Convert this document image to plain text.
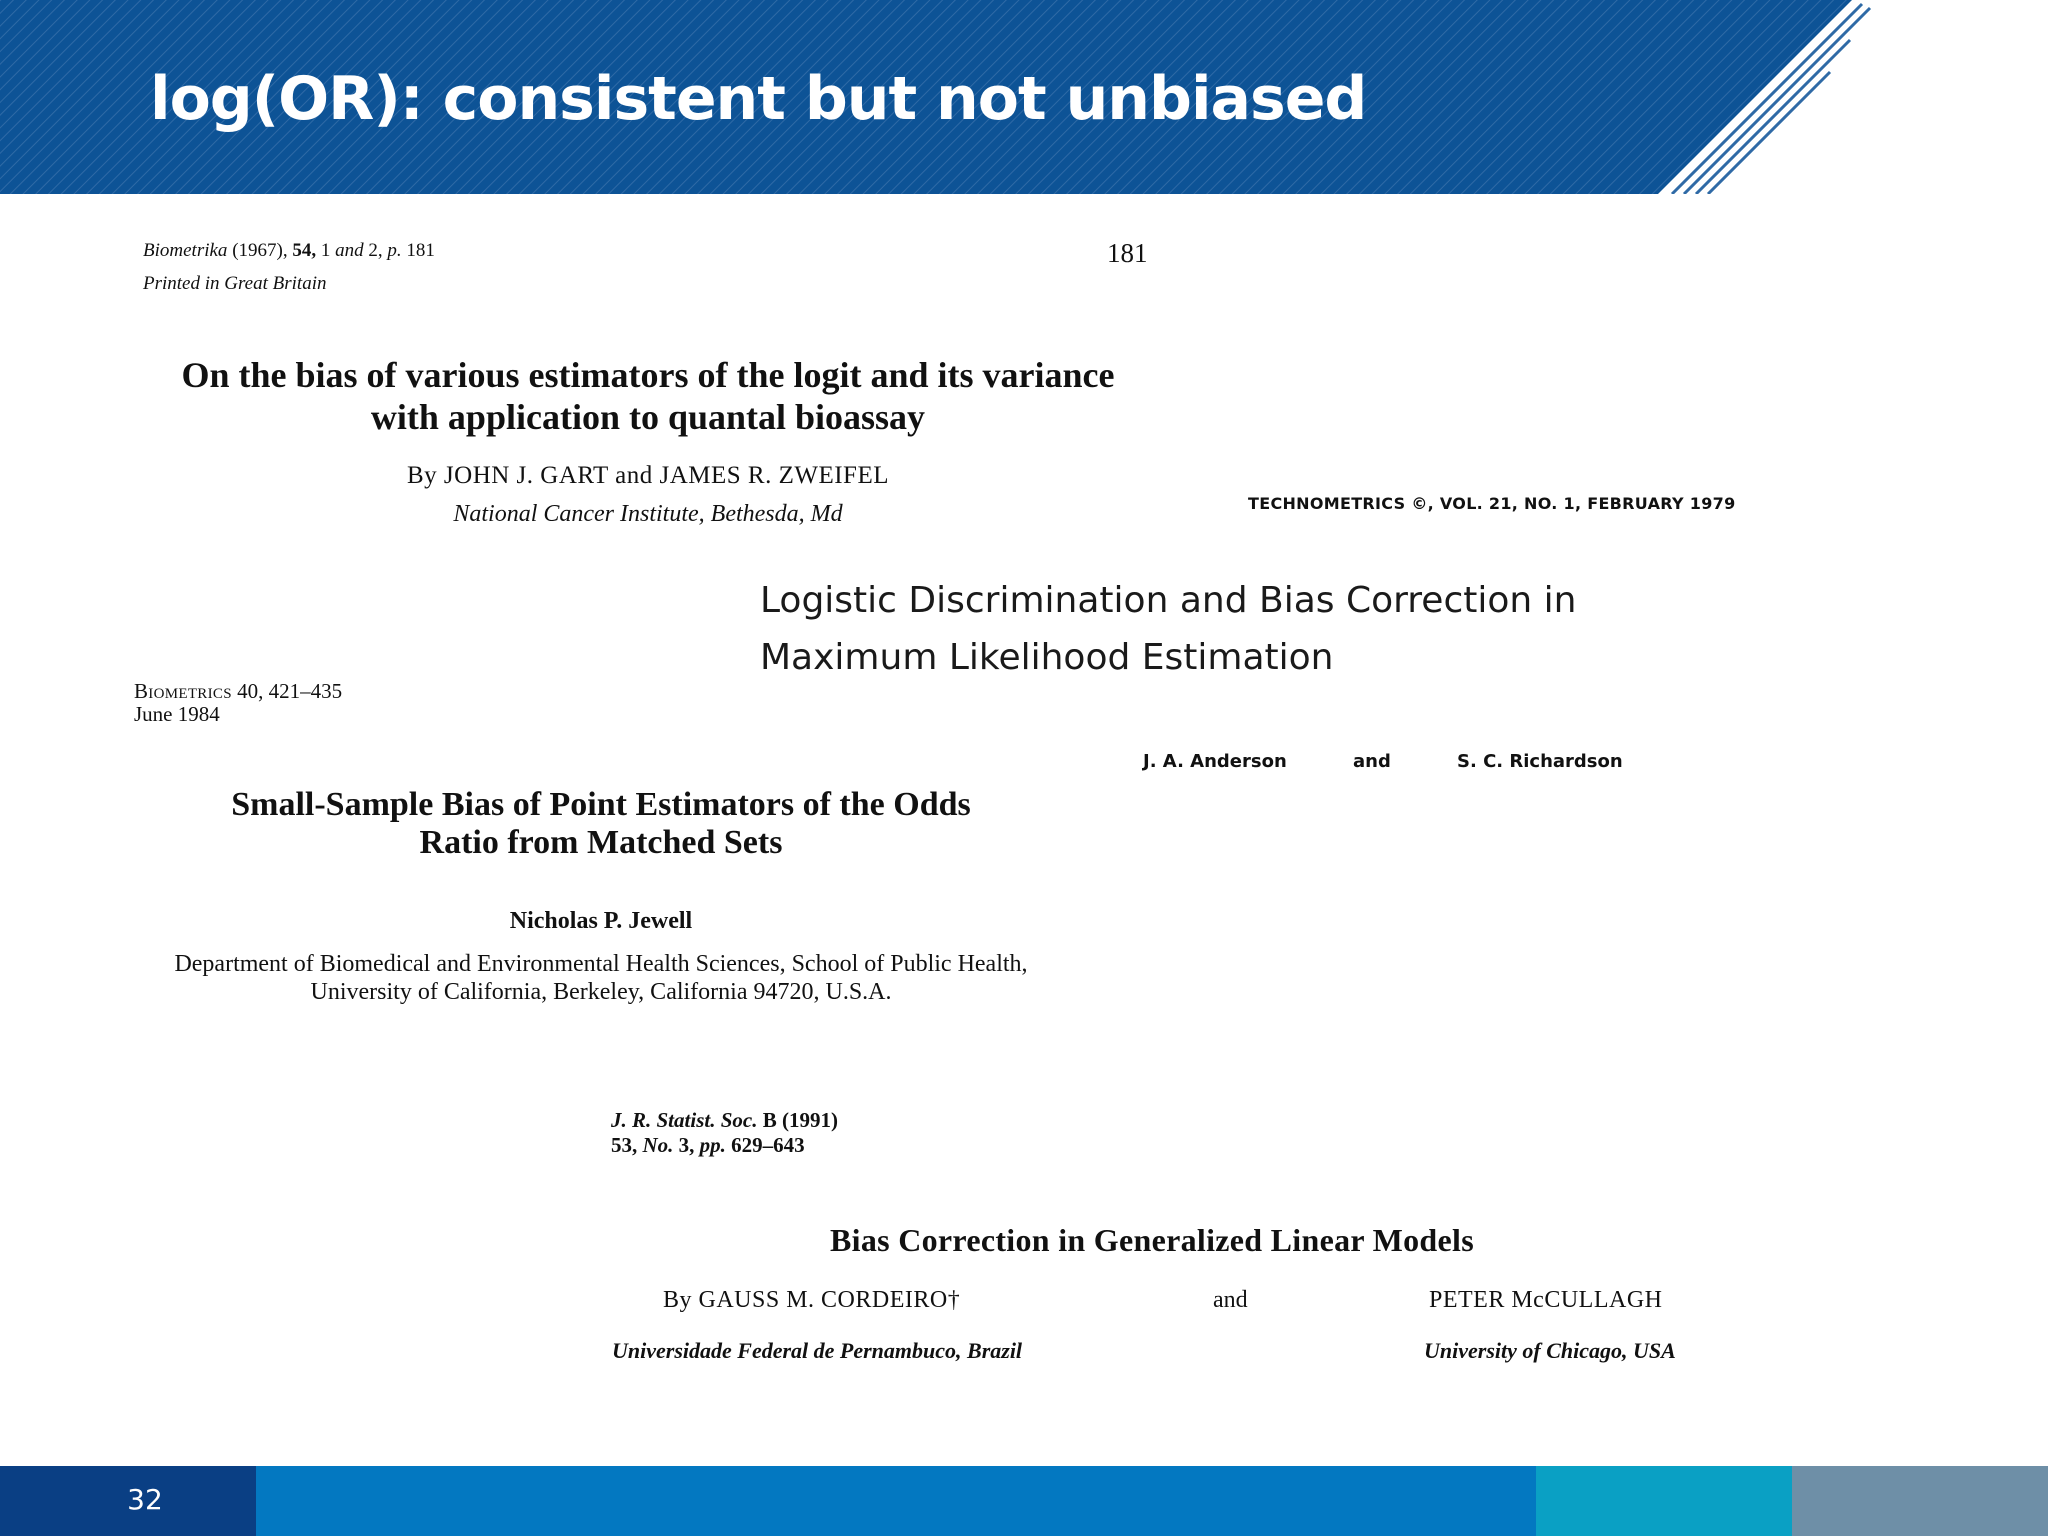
log(OR): consistent but not unbiased
Biometrika (1967), 54, 1 and 2, p. 181
Printed in Great Britain
181
On the bias of various estimators of the logit and its variance
with application to quantal bioassay
By JOHN J. GART and JAMES R. ZWEIFEL
National Cancer Institute, Bethesda, Md	TECHNOMETRICS ©, VOL. 21, NO. 1, FEBRUARY 1979
Logistic Discrimination and Bias Correction in
Maximum Likelihood Estimation
J. A. Anderson	and	S. C. Richardson
Biometrics 40, 421–435
June 1984
Small-Sample Bias of Point Estimators of the Odds
Ratio from Matched Sets
Nicholas P. Jewell
Department of Biomedical and Environmental Health Sciences, School of Public Health,
University of California, Berkeley, California 94720, U.S.A.
J. R. Statist. Soc. B (1991)
53, No. 3, pp. 629–643
Bias Correction in Generalized Linear Models
By GAUSS M. CORDEIRO†	and	PETER McCULLAGH
Universidade Federal de Pernambuco, Brazil	University of Chicago, USA
32
